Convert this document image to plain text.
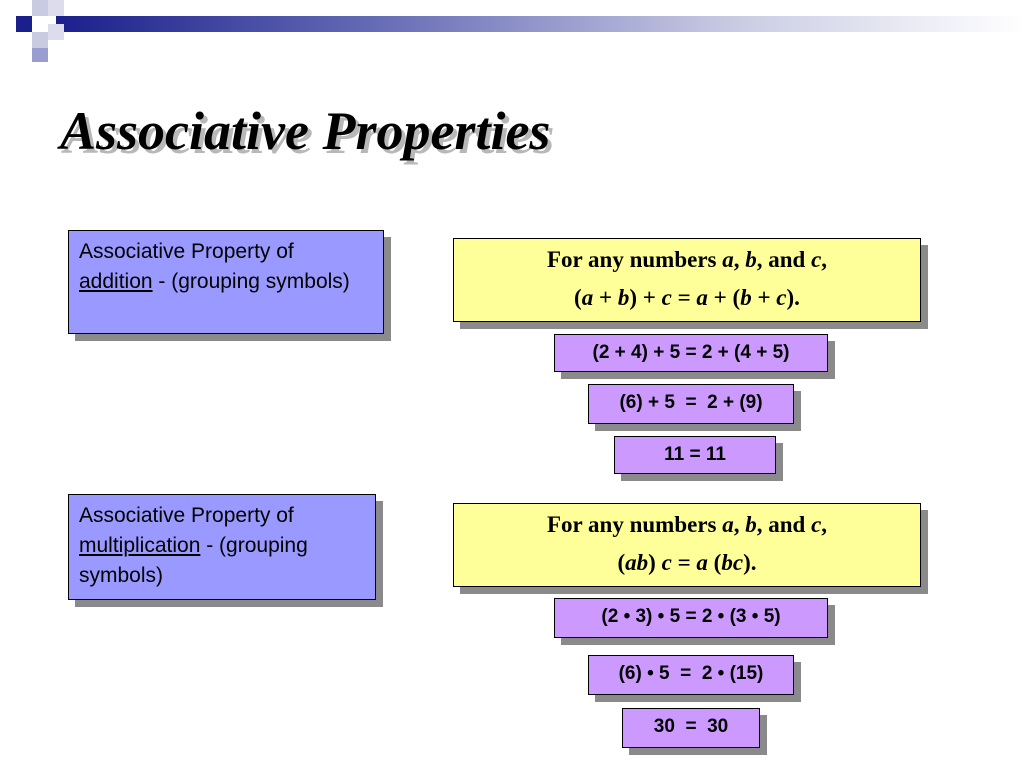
Associative Properties
Associative Property of addition - (grouping symbols)
For any numbers a, b, and c,
(a + b) + c = a + (b + c).
(2 + 4) + 5 = 2 + (4 + 5)
(6) + 5  =  2 + (9)
11 = 11
Associative Property of multiplication - (grouping symbols)
For any numbers a, b, and c,
(ab) c = a (bc).
(2 • 3) • 5 = 2 • (3 • 5)
(6) • 5  =  2 • (15)
30  =  30
